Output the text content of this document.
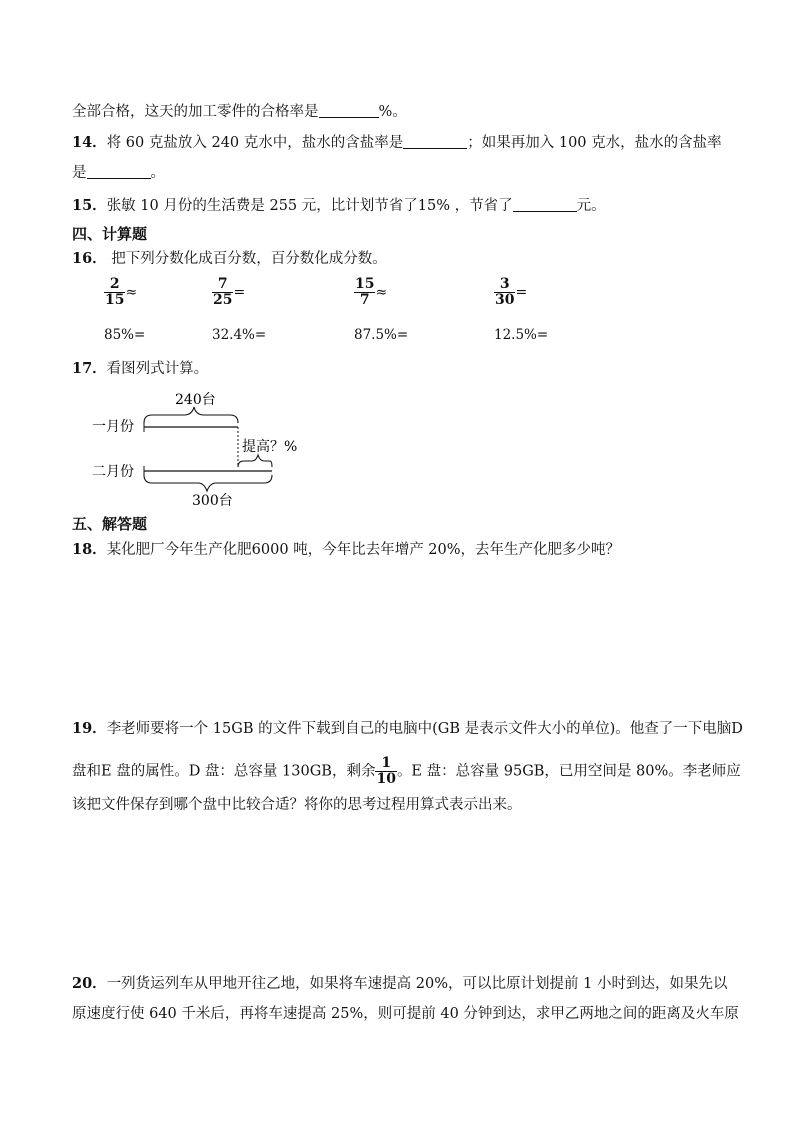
全部合格，这天的加工零件的合格率是	%。
14．将 60 克盐放入 240 克水中，盐水的含盐率是	；如果再加入 100 克水，盐水的含盐率
是	。
15．张敏 10 月份的生活费是 255 元，比计划节省了15% ，节省了	元。
四、计算题
16． 把下列分数化成百分数，百分数化成分数。
$\frac{2}{15}$ ≈	$\frac{7}{25}$ =	$\frac{15}{7}$ ≈	$\frac{3}{30}$ =
85%=	32.4%=	87.5%=	12.5%=
17．看图列式计算。
240台
一月份
提高？%
二月份
300台
五、解答题
18．某化肥厂今年生产化肥6000 吨，今年比去年增产 20%，去年生产化肥多少吨？
19．李老师要将一个 15GB 的文件下载到自己的电脑中(GB 是表示文件大小的单位)。他查了一下电脑D
盘和E 盘的属性。D 盘：总容量 130GB，剩余 $\frac{1}{10}$ 。E 盘：总容量 95GB，已用空间是 80%。李老师应
该把文件保存到哪个盘中比较合适？将你的思考过程用算式表示出来。
20．一列货运列车从甲地开往乙地，如果将车速提高 20%，可以比原计划提前 1 小时到达，如果先以
原速度行使 640 千米后，再将车速提高 25%，则可提前 40 分钟到达，求甲乙两地之间的距离及火车原
